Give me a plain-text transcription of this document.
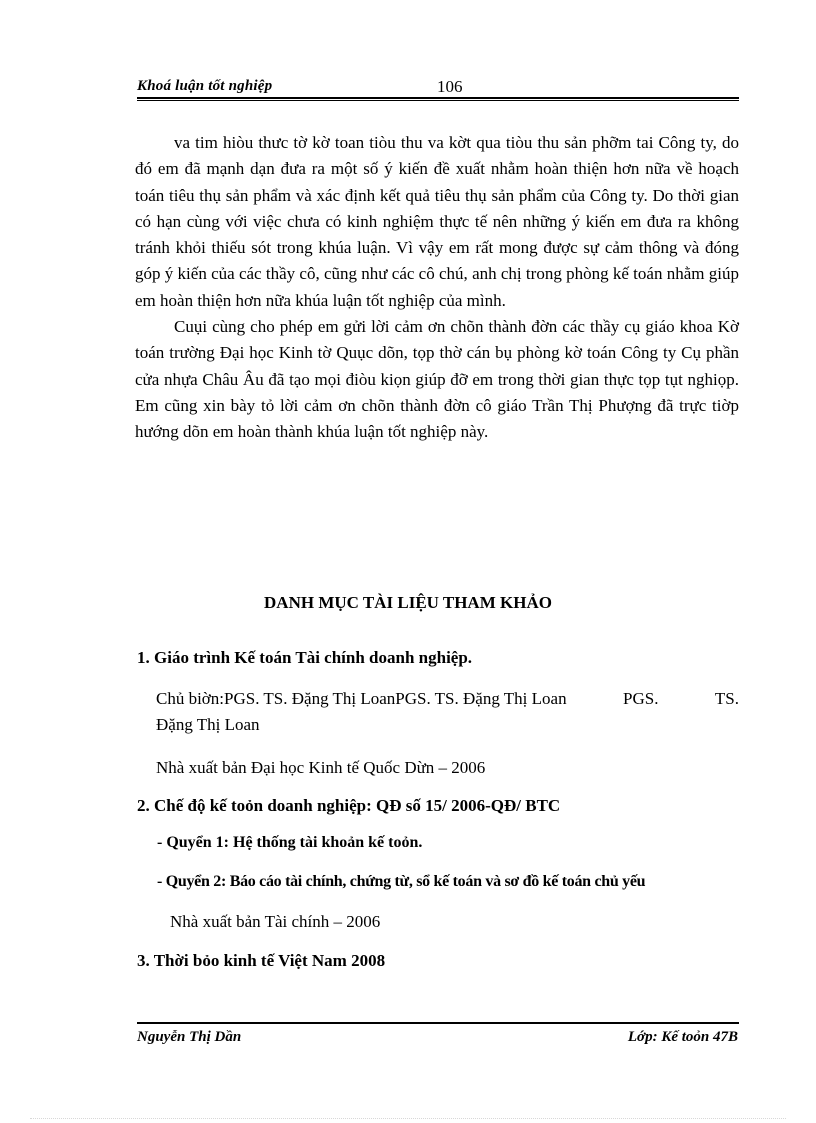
Khoá luận tốt nghiệp	106

va tim hiòu thưc tờ kờ toan tiòu thu va kờt qua tiòu thu sản phỡm tai Công ty, do đó em đã mạnh dạn đưa ra một số ý kiến đề xuất nhằm hoàn thiện hơn nữa về hoạch toán tiêu thụ sản phẩm và xác định kết quả tiêu thụ sản phẩm của Công ty. Do thời gian có hạn cùng với việc chưa có kinh nghiệm thực tế nên những ý kiến em đưa ra không tránh khỏi thiếu sót trong khúa luận. Vì vậy em rất mong được sự cảm thông và đóng góp ý kiến của các thầy cô, cũng như các cô chú, anh chị trong phòng kế toán nhằm giúp em hoàn thiện hơn nữa khúa luận tốt nghiệp của mình.

Cuụi cùng cho phép em gửi lời cảm ơn chõn thành đờn các thầy cụ giáo khoa Kờ toán trường Đại học Kinh tờ Quục dõn, tọp thờ cán bụ phòng kờ toán Công ty Cụ phần cửa nhựa Châu Âu đã tạo mọi điòu kiọn giúp đỡ em trong thời gian thực tọp tụt nghiọp. Em cũng xin bày tỏ lời cảm ơn chõn thành đờn cô giáo Trần Thị Phượng đã trực tiờp hướng dõn em hoàn thành khúa luận tốt nghiệp này.

DANH MỤC TÀI LIỆU THAM KHẢO
1. Giáo trình Kế toán Tài chính doanh nghiệp.
Chủ biờn:PGS. TS. Đặng Thị LoanPGS. TS. Đặng Thị Loan	PGS.	TS.
Đặng Thị Loan
Nhà xuất bản Đại học Kinh tế Quốc Dừn – 2006
2. Chế độ kế toỏn doanh nghiệp: QĐ số 15/ 2006-QĐ/ BTC
- Quyển 1: Hệ thống tài khoản kế toỏn.
- Quyển 2: Báo cáo tài chính, chứng từ, sổ kế toán và sơ đồ kế toán chủ yếu
Nhà xuất bản Tài chính – 2006
3. Thời bỏo kinh tế Việt Nam 2008
Nguyễn Thị Dần	Lớp: Kế toỏn 47B
